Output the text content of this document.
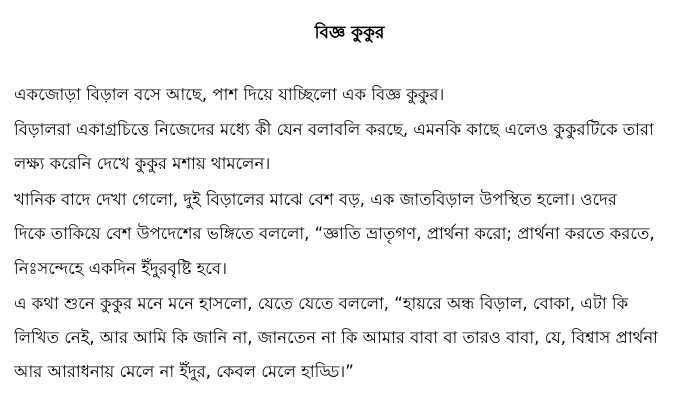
বিজ্ঞ কুকুর
একজোড়া বিড়াল বসে আছে, পাশ দিয়ে যাচ্ছিলো এক বিজ্ঞ কুকুর।
বিড়ালরা একাগ্রচিত্তে নিজেদের মধ্যে কী যেন বলাবলি করছে, এমনকি কাছে এলেও কুকুরটিকে তারা
লক্ষ্য করেনি দেখে কুকুর মশায় থামলেন।
খানিক বাদে দেখা গেলো, দুই বিড়ালের মাঝে বেশ বড়, এক জাতবিড়াল উপস্থিত হলো। ওদের
দিকে তাকিয়ে বেশ উপদেশের ভঙ্গিতে বললো, “জ্ঞাতি ভ্রাতৃগণ, প্রার্থনা করো; প্রার্থনা করতে করতে,
নিঃসন্দেহে একদিন ইঁদুরবৃষ্টি হবে।
এ কথা শুনে কুকুর মনে মনে হাসলো, যেতে যেতে বললো, “হায়রে অন্ধ বিড়াল, বোকা, এটা কি
লিখিত নেই, আর আমি কি জানি না, জানতেন না কি আমার বাবা বা তারও বাবা, যে, বিশ্বাস প্রার্থনা
আর আরাধনায় মেলে না ইঁদুর, কেবল মেলে হাড্ডি।”
